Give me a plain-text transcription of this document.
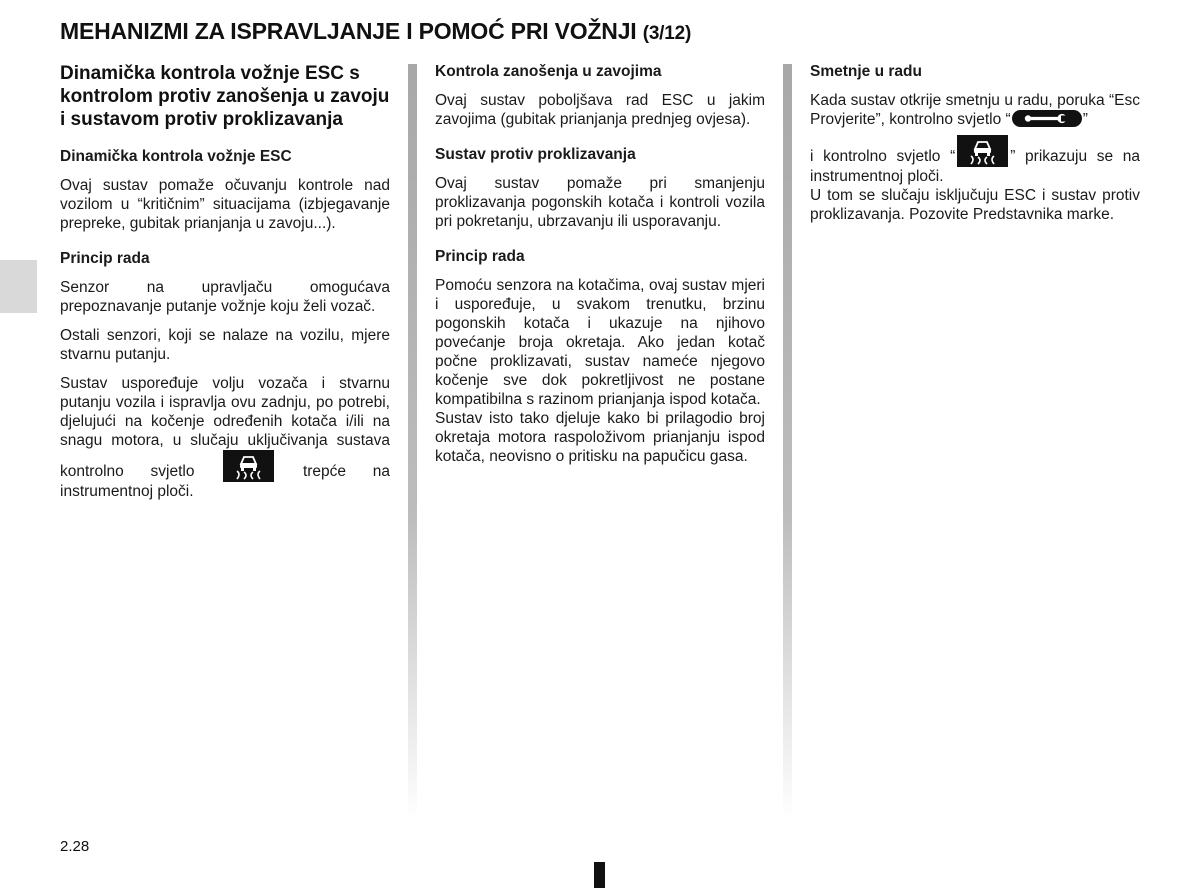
MEHANIZMI ZA ISPRAVLJANJE I POMOĆ PRI VOŽNJI (3/12)
Dinamička kontrola vožnje ESC s kontrolom protiv zanošenja u zavoju i sustavom protiv proklizavanja
Dinamička kontrola vožnje ESC

Ovaj sustav pomaže očuvanju kontrole nad vozilom u “kritičnim” situacijama (izbjegavanje prepreke, gubitak prianjanja u zavoju...).

Princip rada

Senzor na upravljaču omogućava prepoznavanje putanje vožnje koju želi vozač.

Ostali senzori, koji se nalaze na vozilu, mjere stvarnu putanju.

Sustav uspoređuje volju vozača i stvarnu putanju vozila i ispravlja ovu zadnju, po potrebi, djelujući na kočenje određenih kotača i/ili na snagu motora, u slučaju uključivanja sustava kontrolno svjetlo	trepće na instrumentnoj ploči.

Kontrola zanošenja u zavojima

Ovaj sustav poboljšava rad ESC u jakim zavojima (gubitak prianjanja prednjeg ovjesa).

Sustav protiv proklizavanja

Ovaj sustav pomaže pri smanjenju proklizavanja pogonskih kotača i kontroli vozila pri pokretanju, ubrzavanju ili usporavanju.

Princip rada

Pomoću senzora na kotačima, ovaj sustav mjeri i uspoređuje, u svakom trenutku, brzinu pogonskih kotača i ukazuje na njihovo povećanje broja okretaja. Ako jedan kotač počne proklizavati, sustav nameće njegovo kočenje sve dok pokretljivost ne postane kompatibilna s razinom prianjanja ispod kotača.

Sustav isto tako djeluje kako bi prilagodio broj okretaja motora raspoloživom prianjanju ispod kotača, neovisno o pritisku na papučicu gasa.

Smetnje u radu

Kada sustav otkrije smetnju u radu, poruka “Esc Provjerite”, kontrolno svjetlo “	”

i kontrolno svjetlo “	” prikazuju se na instrumentnoj ploči.

U tom se slučaju isključuju ESC i sustav protiv proklizavanja. Pozovite Predstavnika marke.

2.28
